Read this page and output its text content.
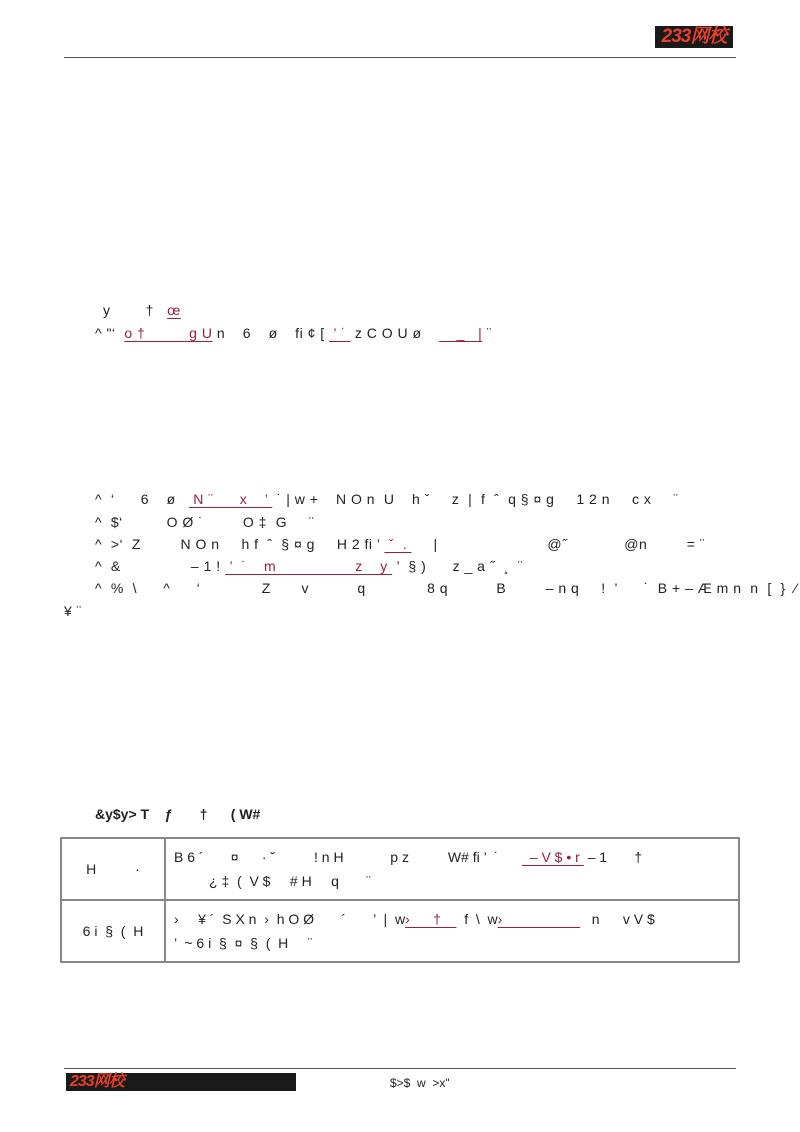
233网校
y        †   œ
^ "‘  o †          g U n    6    ø    fi ¢ [  ’ ˙  z C O U ø        _   | ¨
^  ‘      6    ø    N ¨      x    ’  ˙ | w +    N O n  U    h ˇ     z  |  f  ˆ  q § ¤ g     1 2 n     c x     ¨
^  $‘          O Ø ˙         O ‡  G     ¨
^  >‘  Z         N O n     h f  ˆ  § ¤ g     H 2 fi ’  ˇ  .      |                         @˝             @n         = ¨
^  &                – 1 !  ’  ˙    m                  z    y  ’  § )      z _ a ˝  ¸  ¨
^  %  \      ^      ‘              Z       v           q              8 q           B         – n q     !  ’      ˙  B + – Æ m n  n  [  }  ⁄
¥ ¨
&y$y> T    ƒ       †      ( W#
H          ·	B 6 ´       ¤      · ˘          ! n H            p z          W# fi ’  ˙        – V $ • r  – 1       †
¿ ‡  (  V $     # H     q       ¨

6 i  §  (  H	›     ¥ ´  S X n  ›  h O Ø       ´       ’  |  w›      †      f  \  w›                       n      v V $
’  ~ 6 i  §  ¤  §  (  H     ¨
233网校	$>$  w  >x"
